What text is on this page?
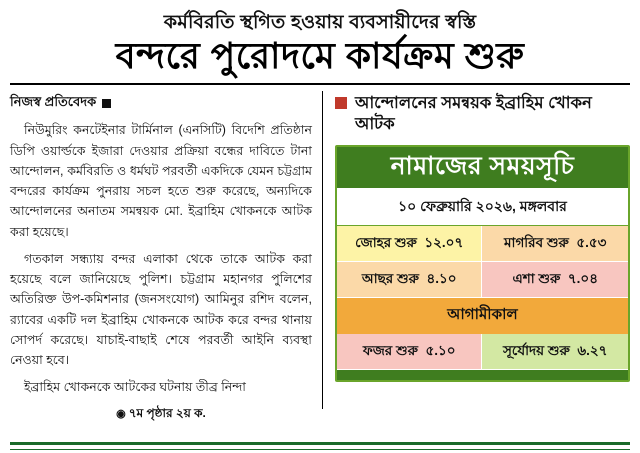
কর্মবিরতি স্থগিত হওয়ায় ব্যবসায়ীদের স্বস্তি
বন্দরে পুরোদমে কার্যক্রম শুরু
নিজস্ব প্রতিবেদক

নিউমুরিং কনটেইনার টার্মিনাল (এনসিটি) বিদেশি প্রতিষ্ঠান ডিপি ওয়ার্ল্ডকে ইজারা দেওয়ার প্রক্রিয়া বন্ধের দাবিতে টানা আন্দোলন, কর্মবিরতি ও ধর্মঘট পরবর্তী একদিকে যেমন চট্টগ্রাম বন্দরের কার্যক্রম পুনরায় সচল হতে শুরু করেছে, অন্যদিকে আন্দোলনের অনাতম সমন্বয়ক মো. ইব্রাহিম খোকনকে আটক করা হয়েছে।

গতকাল সন্ধ্যায় বন্দর এলাকা থেকে তাকে আটক করা হয়েছে বলে জানিয়েছে পুলিশ। চট্টগ্রাম মহানগর পুলিশের অতিরিক্ত উপ-কমিশনার (জনসংযোগ) আমিনুর রশিদ বলেন, র‌্যাবের একটি দল ইব্রাহিম খোকনকে আটক করে বন্দর থানায় সোপর্দ করেছে। যাচাই-বাছাই শেষে পরবর্তী আইনি ব্যবস্থা নেওয়া হবে।

ইব্রাহিম খোকনকে আটকের ঘটনায় তীব্র নিন্দা

◉ ৭ম পৃষ্ঠার ২য় ক.
আন্দোলনের সমন্বয়ক ইব্রাহিম খোকন আটক
নামাজের সময়সূচি
১০ ফেব্রুয়ারি ২০২৬, মঙ্গলবার
জোহর শুরু ১২.০৭	মাগরিব শুরু ৫.৫৩
আছর শুরু ৪.১০	এশা শুরু ৭.০৪
আগামীকাল
ফজর শুরু ৫.১০	সূর্যোদয় শুরু ৬.২৭
